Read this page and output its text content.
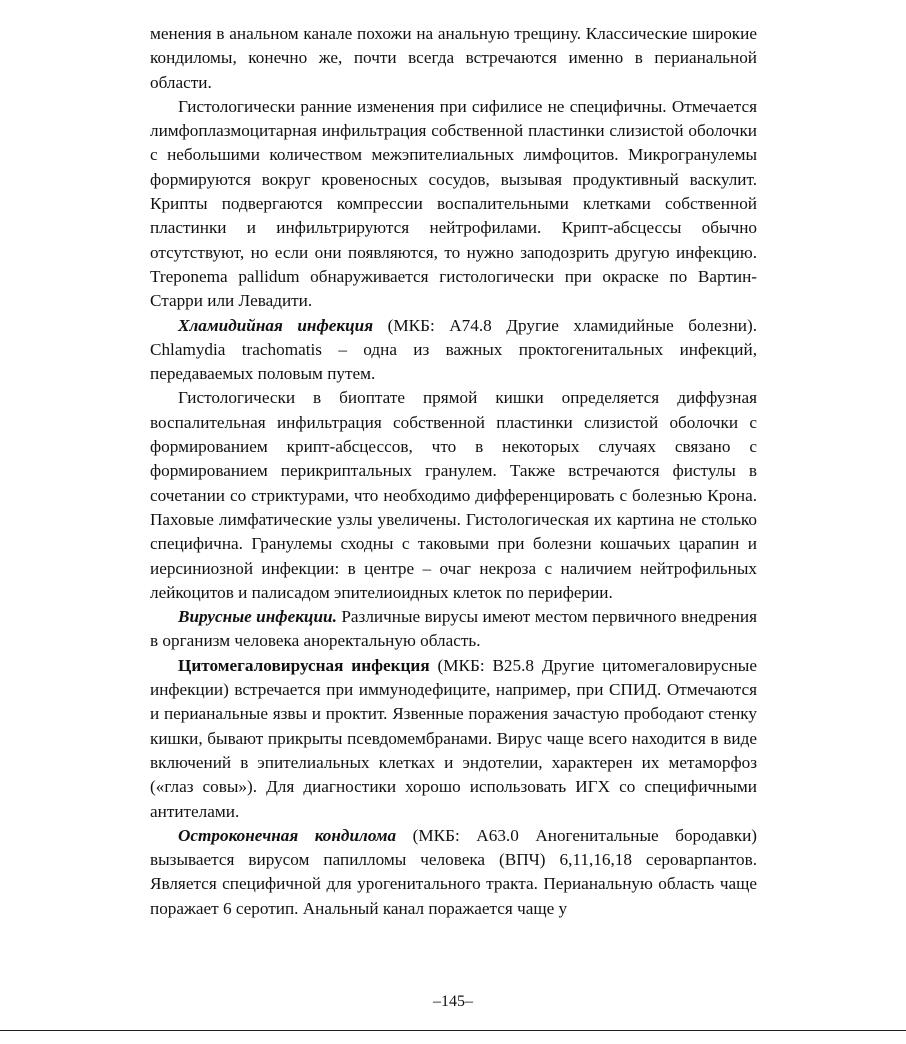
менения в анальном канале похожи на анальную трещину. Классические широкие кондиломы, конечно же, почти всегда встречаются именно в перианальной области.

Гистологически ранние изменения при сифилисе не специфичны. Отмечается лимфоплазмоцитарная инфильтрация собственной пластинки слизистой оболочки с небольшими количеством межэпителиальных лимфоцитов. Микрогранулемы формируются вокруг кровеносных сосудов, вызывая продуктивный васкулит. Крипты подвергаются компрессии воспалительными клетками собственной пластинки и инфильтрируются нейтрофилами. Крипт-абсцессы обычно отсутствуют, но если они появляются, то нужно заподозрить другую инфекцию. Treponema pallidum обнаруживается гистологически при окраске по Вартин-Старри или Левадити.

Хламидийная инфекция (МКБ: A74.8 Другие хламидийные болезни). Chlamydia trachomatis – одна из важных проктогенитальных инфекций, передаваемых половым путем.

Гистологически в биоптате прямой кишки определяется диффузная воспалительная инфильтрация собственной пластинки слизистой оболочки с формированием крипт-абсцессов, что в некоторых случаях связано с формированием перикриптальных гранулем. Также встречаются фистулы в сочетании со стриктурами, что необходимо дифференцировать с болезнью Крона. Паховые лимфатические узлы увеличены. Гистологическая их картина не столько специфична. Гранулемы сходны с таковыми при болезни кошачьих царапин и иерсиниозной инфекции: в центре – очаг некроза с наличием нейтрофильных лейкоцитов и палисадом эпителиоидных клеток по периферии.

Вирусные инфекции. Различные вирусы имеют местом первичного внедрения в организм человека аноректальную область.

Цитомегаловирусная инфекция (МКБ: B25.8 Другие цитомегаловирусные инфекции) встречается при иммунодефиците, например, при СПИД. Отмечаются и перианальные язвы и проктит. Язвенные поражения зачастую прободают стенку кишки, бывают прикрыты псевдомембранами. Вирус чаще всего находится в виде включений в эпителиальных клетках и эндотелии, характерен их метаморфоз («глаз совы»). Для диагностики хорошо использовать ИГХ со специфичными антителами.

Остроконечная кондилома (МКБ: A63.0 Аногенитальные бородавки) вызывается вирусом папилломы человека (ВПЧ) 6,11,16,18 сероварпантов. Является специфичной для урогенитального тракта. Перианальную область чаще поражает 6 серотип. Анальный канал поражается чаще у

–145–
